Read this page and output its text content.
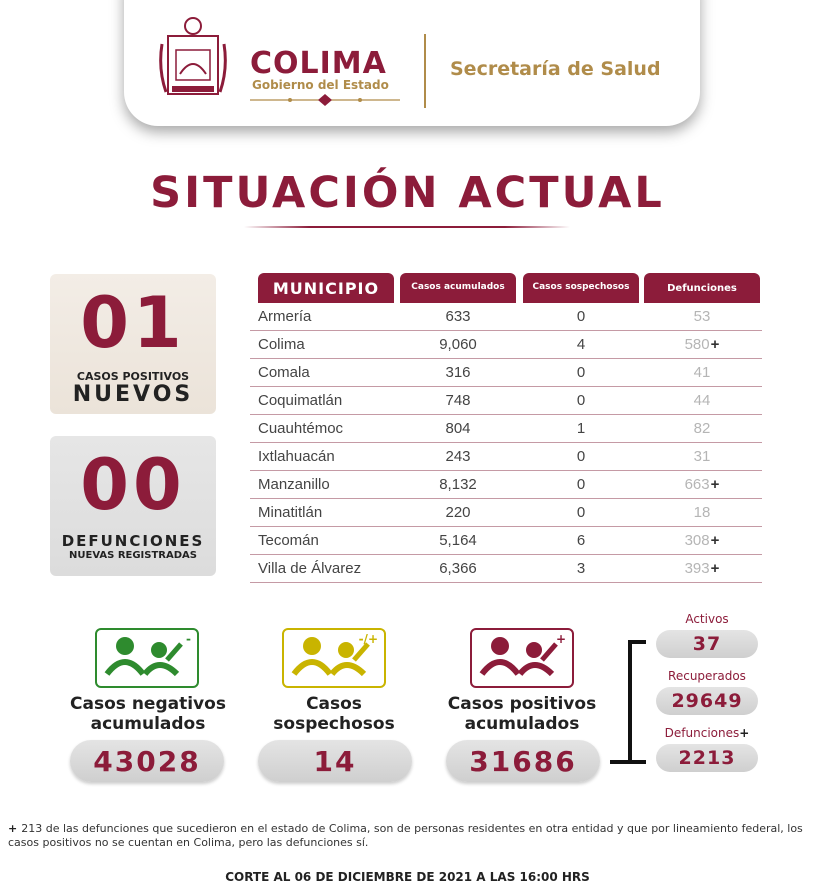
COLIMA
Gobierno del Estado
Secretaría de Salud
SITUACIÓN ACTUAL
01
CASOS POSITIVOS
NUEVOS
00
DEFUNCIONES
NUEVAS REGISTRADAS
MUNICIPIO	Casos acumulados	Casos sospechosos	Defunciones
Armería	633	0	53
Colima	9,060	4	580+
Comala	316	0	41
Coquimatlán	748	0	44
Cuauhtémoc	804	1	82
Ixtlahuacán	243	0	31
Manzanillo	8,132	0	663+
Minatitlán	220	0	18
Tecomán	5,164	6	308+
Villa de Álvarez	6,366	3	393+
-
Casos negativos
acumulados
43028
-/+
Casos
sospechosos
14
+
Casos positivos
acumulados
31686
Activos
37
Recuperados
29649
Defunciones+
2213
+ 213 de las defunciones que sucedieron en el estado de Colima, son de personas residentes en otra entidad y que por lineamiento federal, los casos positivos no se cuentan en Colima, pero las defunciones sí.
CORTE AL 06 DE DICIEMBRE DE 2021 A LAS 16:00 HRS
